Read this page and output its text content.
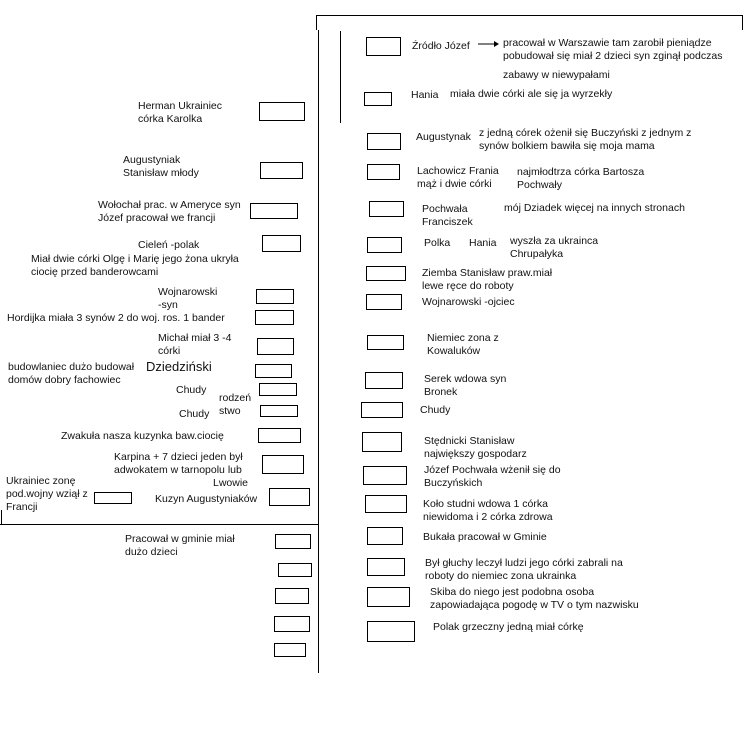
Źródło Józef	pracował w Warszawie tam zarobił pieniądze pobudował się miał 2 dzieci syn zginął podczas
zabawy w niewypałami
Hania miała dwie córki ale się ja wyrzekły
Augustynak z jedną córek ożenił się Buczyński z jednym z synów bolkiem bawiła się moja mama
Lachowicz Frania mąż i dwie córki
najmłodtrza córka Bartosza Pochwały
Pochwała Franciszek
mój Dziadek więcej na innych stronach
Polka Hania wyszła za ukrainca Chrupałyka
Ziemba Stanisław praw.miał lewe ręce do roboty
Wojnarowski -ojciec
Niemiec zona z Kowaluków
Serek wdowa syn Bronek
Chudy
Stędnicki Stanisław największy gospodarz
Józef Pochwała wżenił się do Buczyńskich
Koło studni wdowa 1 córka niewidoma i 2 córka zdrowa
Bukała pracował w Gminie
Był głuchy leczył ludzi jego córki zabrali na roboty do niemiec zona ukrainka
Skiba do niego jest podobna osoba zapowiadająca pogodę w TV o tym nazwisku
Polak grzeczny jedną miał córkę
Herman Ukrainiec córka Karolka
Augustyniak Stanisław młody
Wołochał prac. w Ameryce syn Józef pracował we francji
Cieleń -polak
Miał dwie córki Olgę i Marię jego żona ukryła ciocię przed banderowcami
Wojnarowski -syn
Hordijka miała 3 synów 2 do woj. ros. 1 bander
Michał miał 3 -4 córki
budowlaniec dużo budował domów dobry fachowiec
Dziedziński
Chudy
rodzeń stwo
Chudy
Zwakuła nasza kuzynka baw.ciocię
Karpina + 7 dzieci jeden był adwokatem w tarnopolu lub
Lwowie
Ukrainiec zonę pod.wojny wziął z Francji
Kuzyn Augustyniaków
Pracował w gminie miał dużo dzieci
